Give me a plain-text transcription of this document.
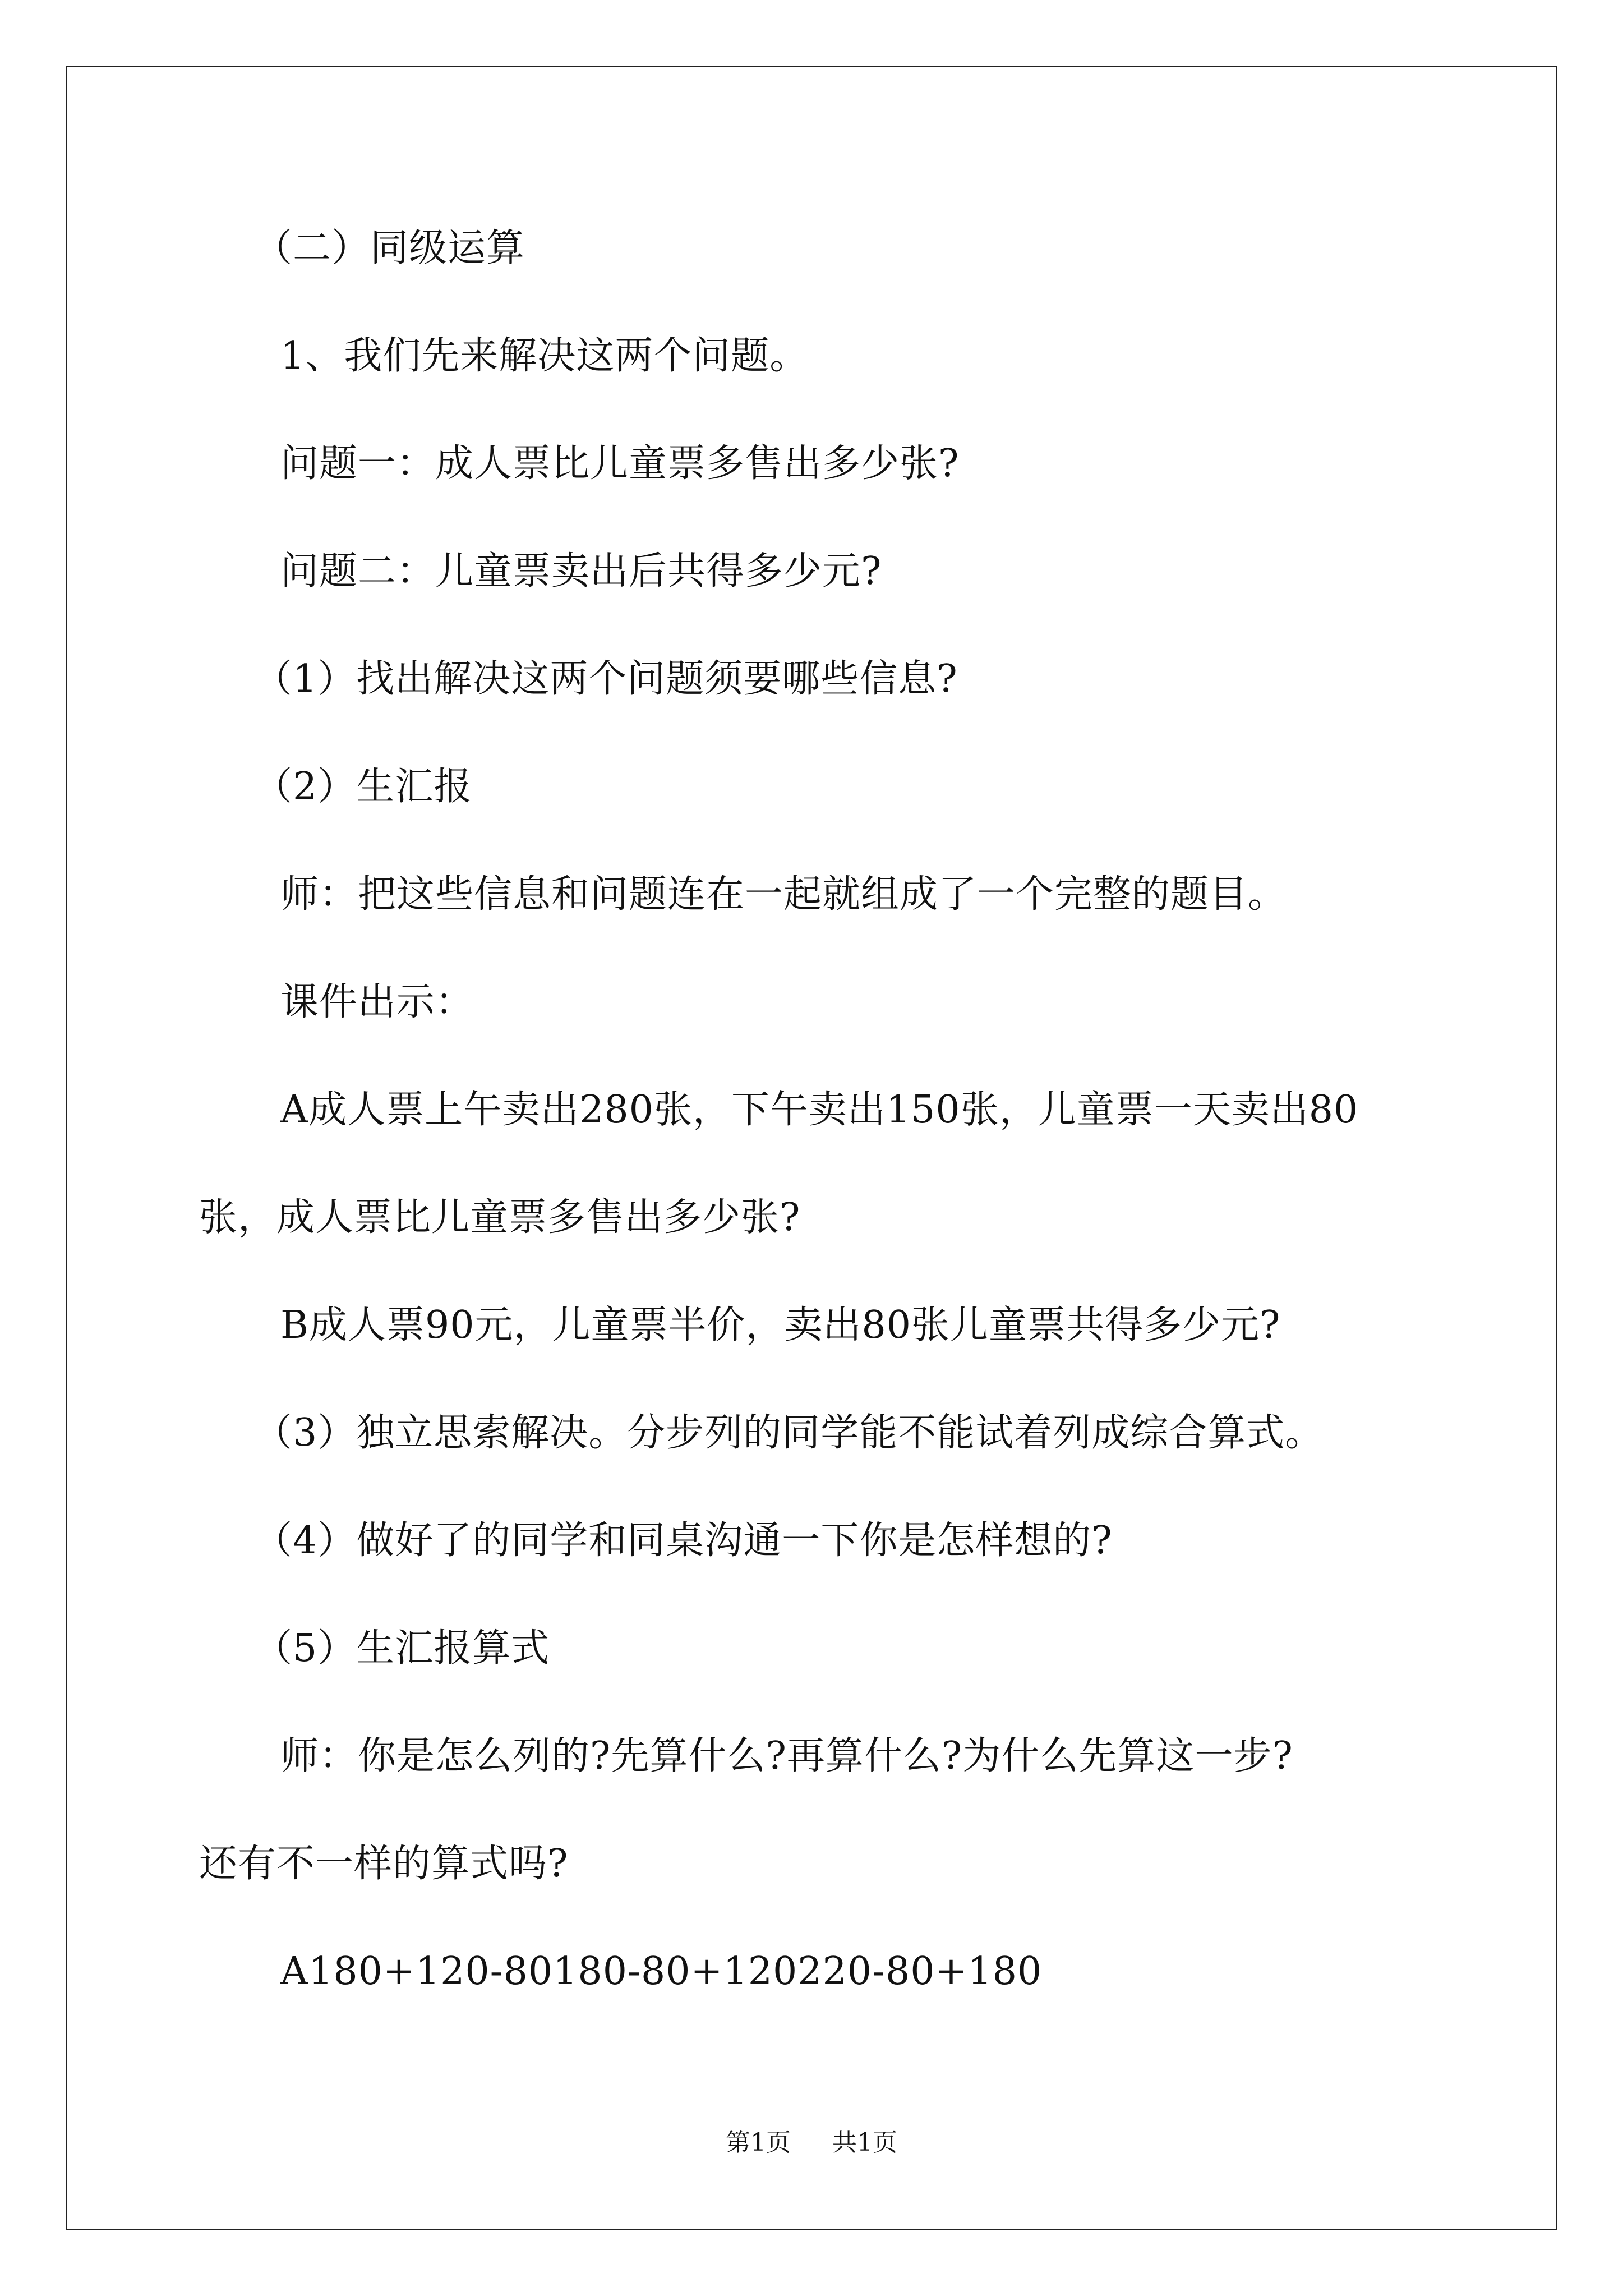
（二）同级运算
1、我们先来解决这两个问题。
问题一：成人票比儿童票多售出多少张?
问题二：儿童票卖出后共得多少元?
（1）找出解决这两个问题须要哪些信息?
（2）生汇报
师：把这些信息和问题连在一起就组成了一个完整的题目。
课件出示：
A成人票上午卖出280张，下午卖出150张，儿童票一天卖出80
张，成人票比儿童票多售出多少张?
B成人票90元，儿童票半价，卖出80张儿童票共得多少元?
（3）独立思索解决。分步列的同学能不能试着列成综合算式。
（4）做好了的同学和同桌沟通一下你是怎样想的?
（5）生汇报算式
师：你是怎么列的?先算什么?再算什么?为什么先算这一步?
还有不一样的算式吗?
A180+120-80180-80+120220-80+180
第1页 共1页
